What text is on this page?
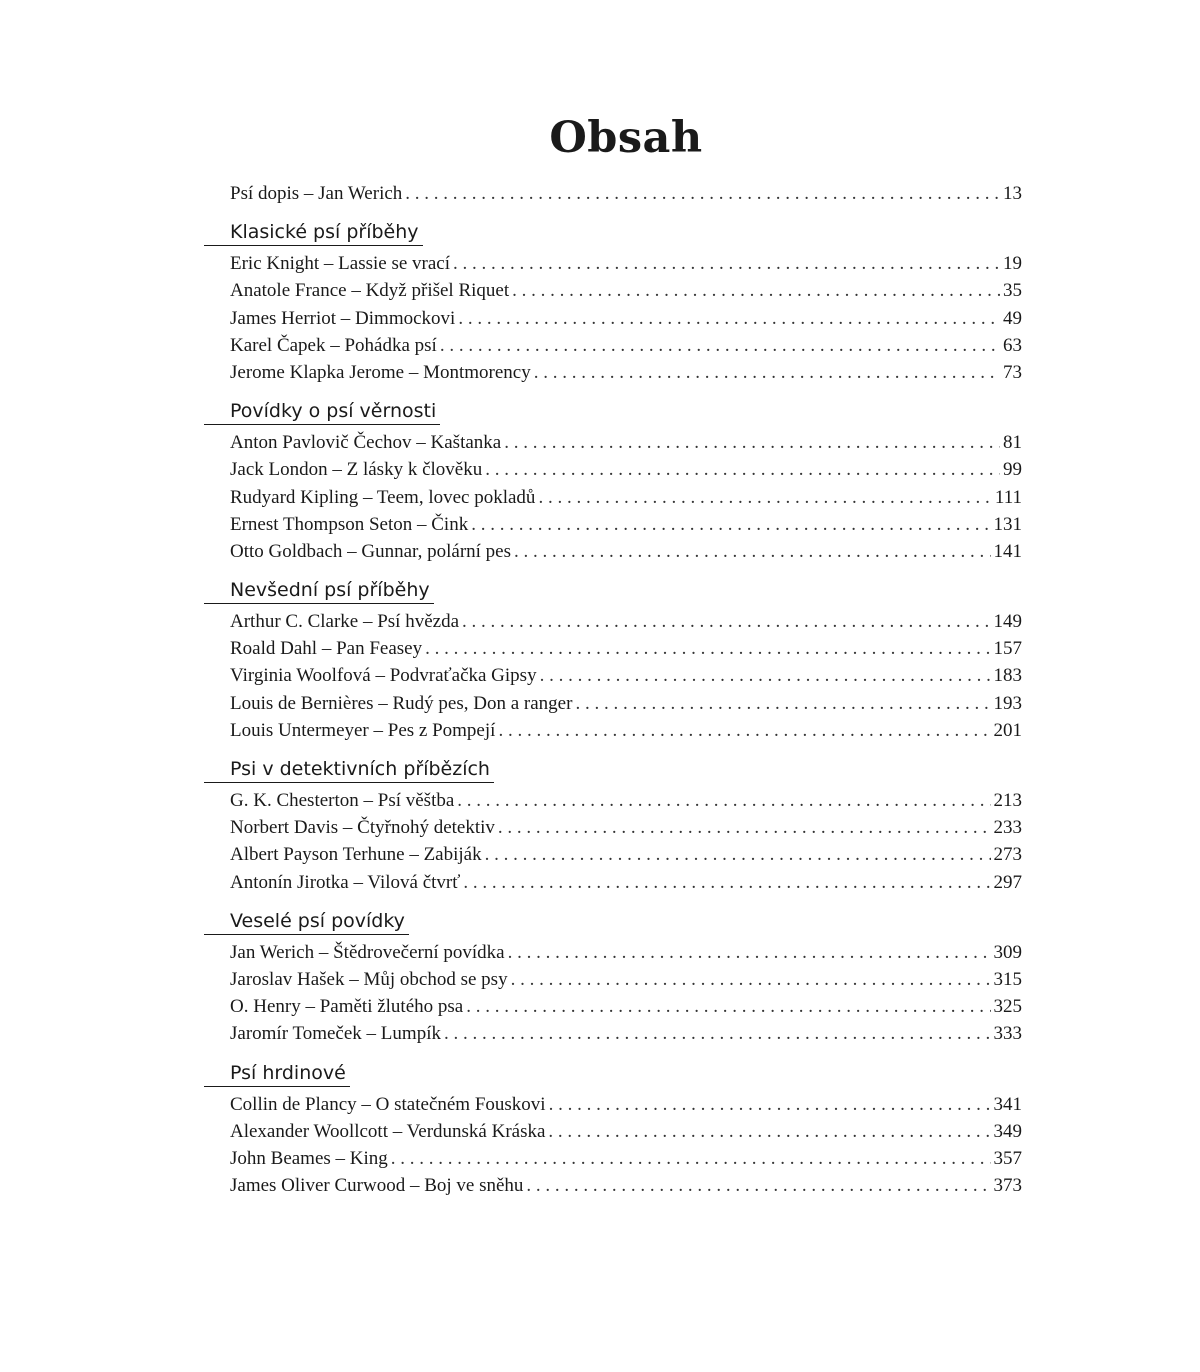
Obsah
Psí dopis – Jan Werich . . .	13
Klasické psí příběhy
Eric Knight – Lassie se vrací . . .	19
Anatole France – Když přišel Riquet . . .	35
James Herriot – Dimmockovi . . .	49
Karel Čapek – Pohádka psí . . .	63
Jerome Klapka Jerome – Montmorency . . .	73
Povídky o psí věrnosti
Anton Pavlovič Čechov – Kaštanka . . .	81
Jack London – Z lásky k člověku . . .	99
Rudyard Kipling – Teem, lovec pokladů . . .	111
Ernest Thompson Seton – Čink . . .	131
Otto Goldbach – Gunnar, polární pes . . .	141
Nevšední psí příběhy
Arthur C. Clarke – Psí hvězda . . .	149
Roald Dahl – Pan Feasey . . .	157
Virginia Woolfová – Podvraťačka Gipsy . . .	183
Louis de Bernières – Rudý pes, Don a ranger . . .	193
Louis Untermeyer – Pes z Pompejí . . .	201
Psi v detektivních příbězích
G. K. Chesterton – Psí věštba . . .	213
Norbert Davis – Čtyřnohý detektiv . . .	233
Albert Payson Terhune – Zabiják . . .	273
Antonín Jirotka – Vilová čtvrť . . .	297
Veselé psí povídky
Jan Werich – Štědrovečerní povídka . . .	309
Jaroslav Hašek – Můj obchod se psy . . .	315
O. Henry – Paměti žlutého psa . . .	325
Jaromír Tomeček – Lumpík . . .	333
Psí hrdinové
Collin de Plancy – O statečném Fouskovi . . .	341
Alexander Woollcott – Verdunská Kráska . . .	349
John Beames – King . . .	357
James Oliver Curwood – Boj ve sněhu . . .	373
